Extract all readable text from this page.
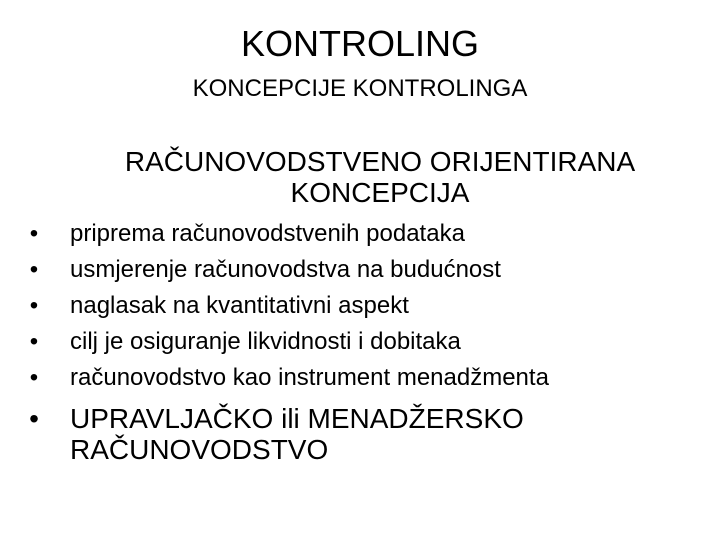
KONTROLING
KONCEPCIJE KONTROLINGA
RAČUNOVODSTVENO ORIJENTIRANA
KONCEPCIJA
• priprema računovodstvenih podataka
• usmjerenje računovodstva na budućnost
• naglasak na kvantitativni aspekt
• cilj je osiguranje likvidnosti i dobitaka
• računovodstvo kao instrument menadžmenta
• UPRAVLJAČKO ili MENADŽERSKO
RAČUNOVODSTVO
